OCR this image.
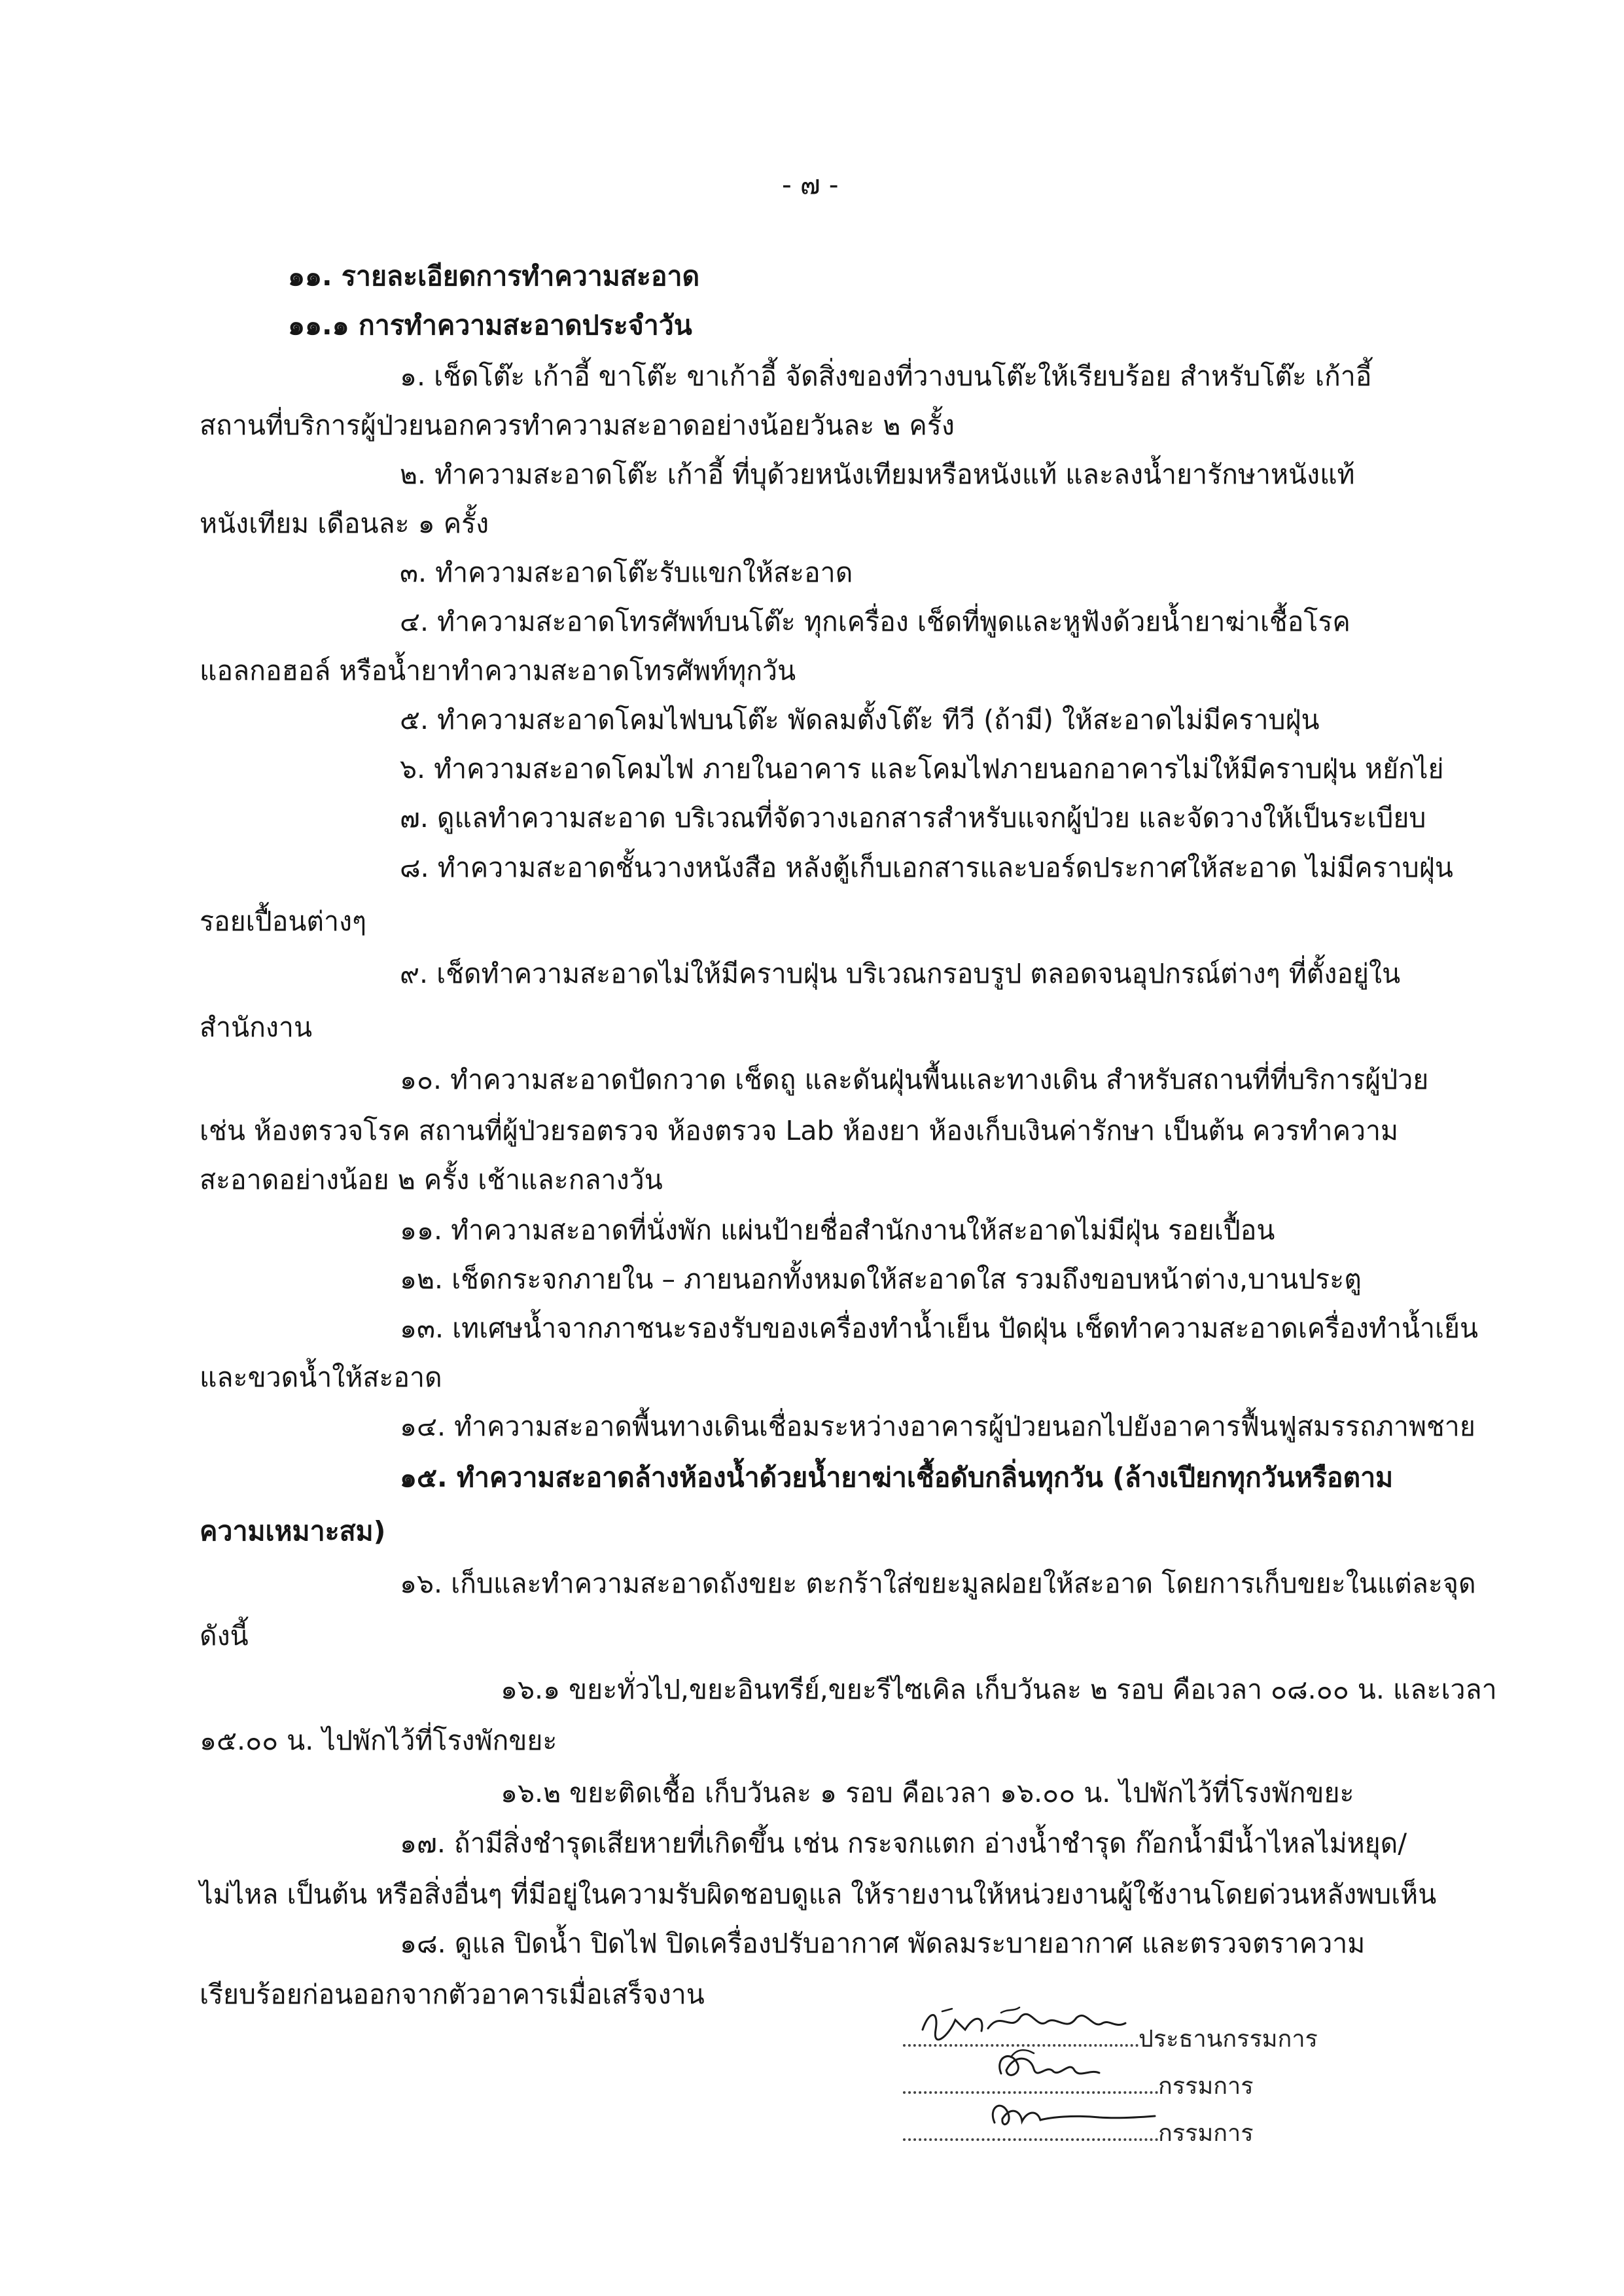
- ๗ -
๑๑. รายละเอียดการทำความสะอาด
๑๑.๑ การทำความสะอาดประจำวัน
๑. เช็ดโต๊ะ เก้าอี้ ขาโต๊ะ ขาเก้าอี้ จัดสิ่งของที่วางบนโต๊ะให้เรียบร้อย สำหรับโต๊ะ เก้าอี้
สถานที่บริการผู้ป่วยนอกควรทำความสะอาดอย่างน้อยวันละ ๒ ครั้ง
๒. ทำความสะอาดโต๊ะ เก้าอี้ ที่บุด้วยหนังเทียมหรือหนังแท้ และลงน้ำยารักษาหนังแท้
หนังเทียม เดือนละ ๑ ครั้ง
๓. ทำความสะอาดโต๊ะรับแขกให้สะอาด
๔. ทำความสะอาดโทรศัพท์บนโต๊ะ ทุกเครื่อง เช็ดที่พูดและหูฟังด้วยน้ำยาฆ่าเชื้อโรค
แอลกอฮอล์ หรือน้ำยาทำความสะอาดโทรศัพท์ทุกวัน
๕. ทำความสะอาดโคมไฟบนโต๊ะ พัดลมตั้งโต๊ะ ทีวี (ถ้ามี) ให้สะอาดไม่มีคราบฝุ่น
๖. ทำความสะอาดโคมไฟ ภายในอาคาร และโคมไฟภายนอกอาคารไม่ให้มีคราบฝุ่น หยักไย่
๗. ดูแลทำความสะอาด บริเวณที่จัดวางเอกสารสำหรับแจกผู้ป่วย และจัดวางให้เป็นระเบียบ
๘. ทำความสะอาดชั้นวางหนังสือ หลังตู้เก็บเอกสารและบอร์ดประกาศให้สะอาด ไม่มีคราบฝุ่น
รอยเปื้อนต่างๆ
๙. เช็ดทำความสะอาดไม่ให้มีคราบฝุ่น บริเวณกรอบรูป ตลอดจนอุปกรณ์ต่างๆ ที่ตั้งอยู่ใน
สำนักงาน
๑๐. ทำความสะอาดปัดกวาด เช็ดถู และดันฝุ่นพื้นและทางเดิน สำหรับสถานที่ที่บริการผู้ป่วย
เช่น ห้องตรวจโรค สถานที่ผู้ป่วยรอตรวจ ห้องตรวจ Lab ห้องยา ห้องเก็บเงินค่ารักษา เป็นต้น ควรทำความ
สะอาดอย่างน้อย ๒ ครั้ง เช้าและกลางวัน
๑๑. ทำความสะอาดที่นั่งพัก แผ่นป้ายชื่อสำนักงานให้สะอาดไม่มีฝุ่น รอยเปื้อน
๑๒. เช็ดกระจกภายใน – ภายนอกทั้งหมดให้สะอาดใส รวมถึงขอบหน้าต่าง,บานประตู
๑๓. เทเศษน้ำจากภาชนะรองรับของเครื่องทำน้ำเย็น ปัดฝุ่น เช็ดทำความสะอาดเครื่องทำน้ำเย็น
และขวดน้ำให้สะอาด
๑๔. ทำความสะอาดพื้นทางเดินเชื่อมระหว่างอาคารผู้ป่วยนอกไปยังอาคารฟื้นฟูสมรรถภาพชาย
๑๕. ทำความสะอาดล้างห้องน้ำด้วยน้ำยาฆ่าเชื้อดับกลิ่นทุกวัน (ล้างเปียกทุกวันหรือตาม
ความเหมาะสม)
๑๖. เก็บและทำความสะอาดถังขยะ ตะกร้าใส่ขยะมูลฝอยให้สะอาด โดยการเก็บขยะในแต่ละจุด
ดังนี้
๑๖.๑ ขยะทั่วไป,ขยะอินทรีย์,ขยะรีไซเคิล เก็บวันละ ๒ รอบ คือเวลา ๐๘.๐๐ น. และเวลา
๑๕.๐๐ น. ไปพักไว้ที่โรงพักขยะ
๑๖.๒ ขยะติดเชื้อ เก็บวันละ ๑ รอบ คือเวลา ๑๖.๐๐ น. ไปพักไว้ที่โรงพักขยะ
๑๗. ถ้ามีสิ่งชำรุดเสียหายที่เกิดขึ้น เช่น กระจกแตก อ่างน้ำชำรุด ก๊อกน้ำมีน้ำไหลไม่หยุด/
ไม่ไหล เป็นต้น หรือสิ่งอื่นๆ ที่มีอยู่ในความรับผิดชอบดูแล ให้รายงานให้หน่วยงานผู้ใช้งานโดยด่วนหลังพบเห็น
๑๘. ดูแล ปิดน้ำ ปิดไฟ ปิดเครื่องปรับอากาศ พัดลมระบายอากาศ และตรวจตราความ
เรียบร้อยก่อนออกจากตัวอาคารเมื่อเสร็จงาน
ประธานกรรมการ
กรรมการ
กรรมการ
